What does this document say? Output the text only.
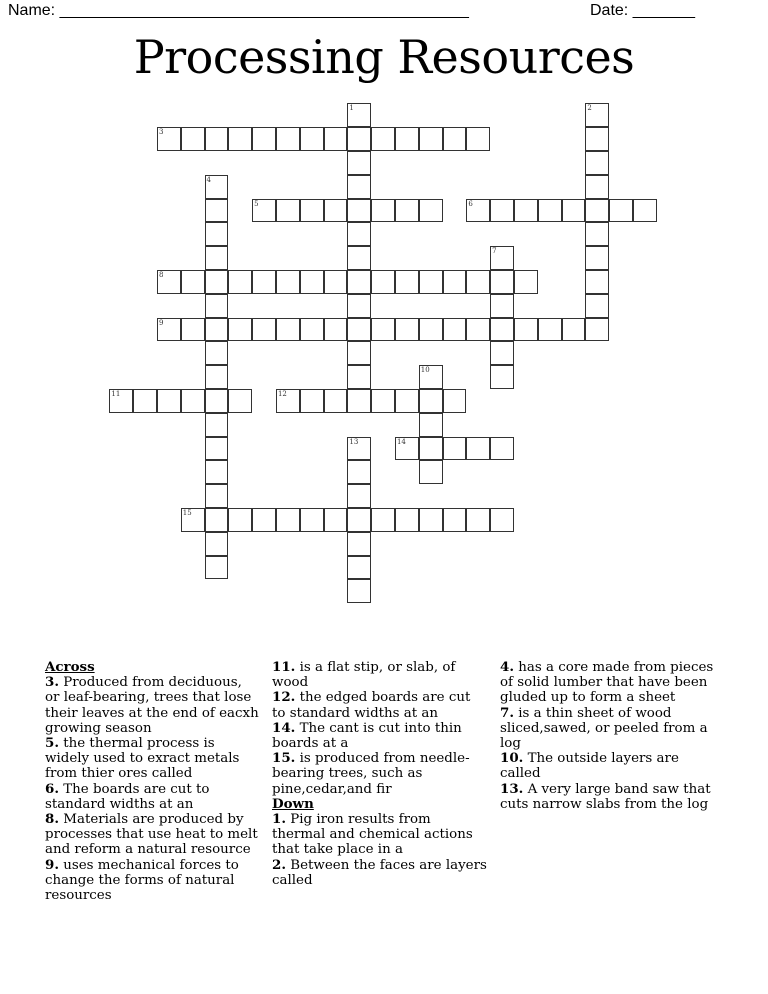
Name: ______________________________________________	Date: _______
Processing Resources
1	2
3
4
5	6
7
8
9
10
11	12
13	14
15
Across
3. Produced from deciduous, or leaf-bearing, trees that lose their leaves at the end of eacxh growing season
5. the thermal process is widely used to exract metals from thier ores called
6. The boards are cut to standard widths at an
8. Materials are produced by processes that use heat to melt and reform a natural resource
9. uses mechanical forces to change the forms of natural resources
11. is a flat stip, or slab, of wood
12. the edged boards are cut to standard widths at an
14. The cant is cut into thin boards at a
15. is produced from needle-bearing trees, such as pine,cedar,and fir
Down
1. Pig iron results from thermal and chemical actions that take place in a
2. Between the faces are layers called
4. has a core made from pieces of solid lumber that have been gluded up to form a sheet
7. is a thin sheet of wood sliced,sawed, or peeled from a log
10. The outside layers are called
13. A very large band saw that cuts narrow slabs from the log
